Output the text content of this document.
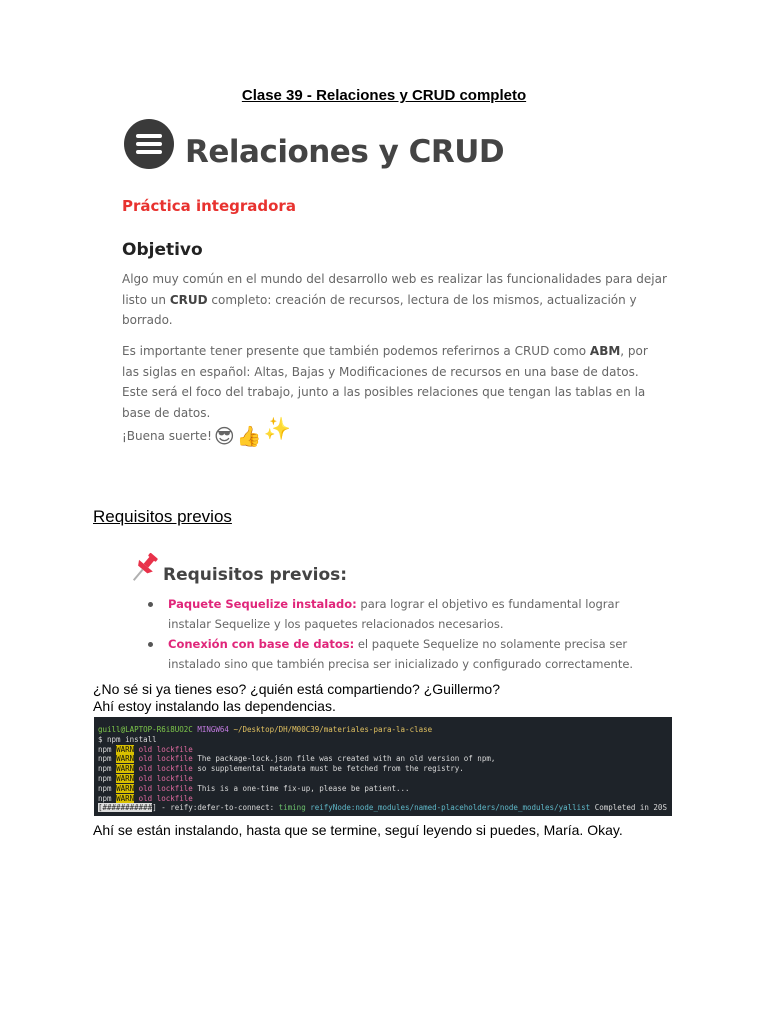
Clase 39 - Relaciones y CRUD completo
Relaciones y CRUD
Práctica integradora
Objetivo
Algo muy común en el mundo del desarrollo web es realizar las funcionalidades para dejar listo un CRUD completo: creación de recursos, lectura de los mismos, actualización y borrado.
Es importante tener presente que también podemos referirnos a CRUD como ABM, por las siglas en español: Altas, Bajas y Modificaciones de recursos en una base de datos. Este será el foco del trabajo, junto a las posibles relaciones que tengan las tablas en la base de datos.
¡Buena suerte! 😎 👍 ✨
Requisitos previos
Requisitos previos:
Paquete Sequelize instalado: para lograr el objetivo es fundamental lograr instalar Sequelize y los paquetes relacionados necesarios.
Conexión con base de datos: el paquete Sequelize no solamente precisa ser instalado sino que también precisa ser inicializado y configurado correctamente.
¿No sé si ya tienes eso? ¿quién está compartiendo? ¿Guillermo?
Ahí estoy instalando las dependencias.
guill@LAPTOP-R6i8UO2C MINGW64 ~/Desktop/DH/M00C39/materiales-para-la-clase
$ npm install
npm WARN old lockfile
npm WARN old lockfile The package-lock.json file was created with an old version of npm,
npm WARN old lockfile so supplemental metadata must be fetched from the registry.
npm WARN old lockfile
npm WARN old lockfile This is a one-time fix-up, please be patient...
npm WARN old lockfile
[###########] - reify:defer-to-connect: timing reifyNode:node_modules/named-placeholders/node_modules/yallist Completed in 20S
Ahí se están instalando, hasta que se termine, seguí leyendo si puedes, María. Okay.
